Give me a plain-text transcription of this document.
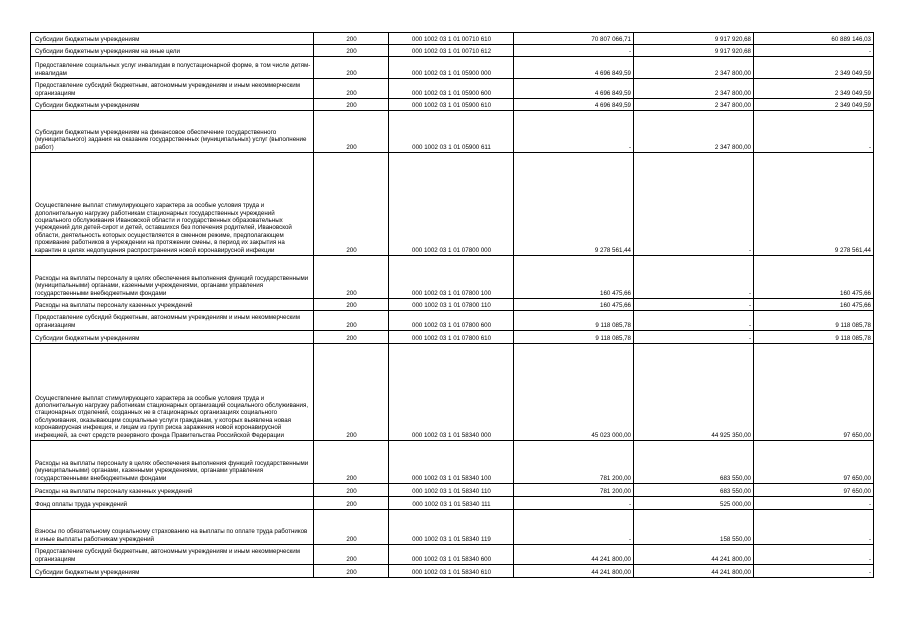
Субсидии бюджетным учреждениям	200	000 1002 03 1 01 00710 610	70 807 066,71	9 917 920,68	60 889 146,03
Субсидии бюджетным учреждениям на иные цели	200	000 1002 03 1 01 00710 612	-	9 917 920,68	-
Предоставление социальных услуг инвалидам в полустационарной форме, в том числе детям-инвалидам	200	000 1002 03 1 01 05900 000	4 696 849,59	2 347 800,00	2 349 049,59
Предоставление субсидий бюджетным, автономным учреждениям и иным некоммерческим организациям	200	000 1002 03 1 01 05900 600	4 696 849,59	2 347 800,00	2 349 049,59
Субсидии бюджетным учреждениям	200	000 1002 03 1 01 05900 610	4 696 849,59	2 347 800,00	2 349 049,59
Субсидии бюджетным учреждениям на финансовое обеспечение государственного (муниципального) задания на оказание государственных (муниципальных) услуг (выполнение работ)	200	000 1002 03 1 01 05900 611	-	2 347 800,00	-
Осуществление выплат стимулирующего характера за особые условия труда и дополнительную нагрузку работникам стационарных государственных учреждений социального обслуживания Ивановской области и государственных образовательных учреждений для детей-сирот и детей, оставшихся без попечения родителей, Ивановской области, деятельность которых осуществляется в сменном режиме, предполагающем проживание работников в учреждении на протяжении смены, в период их закрытия на карантин в целях недопущения распространения новой коронавирусной инфекции	200	000 1002 03 1 01 07800 000	9 278 561,44	-	9 278 561,44
Расходы на выплаты персоналу в целях обеспечения выполнения функций государственными (муниципальными) органами, казенными учреждениями, органами управления государственными внебюджетными фондами	200	000 1002 03 1 01 07800 100	160 475,66	-	160 475,66
Расходы на выплаты персоналу казенных учреждений	200	000 1002 03 1 01 07800 110	160 475,66	-	160 475,66
Предоставление субсидий бюджетным, автономным учреждениям и иным некоммерческим организациям	200	000 1002 03 1 01 07800 600	9 118 085,78	-	9 118 085,78
Субсидии бюджетным учреждениям	200	000 1002 03 1 01 07800 610	9 118 085,78	-	9 118 085,78
Осуществление выплат стимулирующего характера за особые условия труда и дополнительную нагрузку работникам стационарных организаций социального обслуживания, стационарных отделений, созданных не в стационарных организациях социального обслуживания, оказывающим социальные услуги гражданам, у которых выявлена новая коронавирусная инфекция, и лицам из групп риска заражения новой коронавирусной инфекцией, за счет средств резервного фонда Правительства Российской Федерации	200	000 1002 03 1 01 58340 000	45 023 000,00	44 925 350,00	97 650,00
Расходы на выплаты персоналу в целях обеспечения выполнения функций государственными (муниципальными) органами, казенными учреждениями, органами управления государственными внебюджетными фондами	200	000 1002 03 1 01 58340 100	781 200,00	683 550,00	97 650,00
Расходы на выплаты персоналу казенных учреждений	200	000 1002 03 1 01 58340 110	781 200,00	683 550,00	97 650,00
Фонд оплаты труда учреждений	200	000 1002 03 1 01 58340 111	-	525 000,00	-
Взносы по обязательному социальному страхованию на выплаты по оплате труда работников и иные выплаты работникам учреждений	200	000 1002 03 1 01 58340 119	-	158 550,00	-
Предоставление субсидий бюджетным, автономным учреждениям и иным некоммерческим организациям	200	000 1002 03 1 01 58340 600	44 241 800,00	44 241 800,00	-
Субсидии бюджетным учреждениям	200	000 1002 03 1 01 58340 610	44 241 800,00	44 241 800,00	-
